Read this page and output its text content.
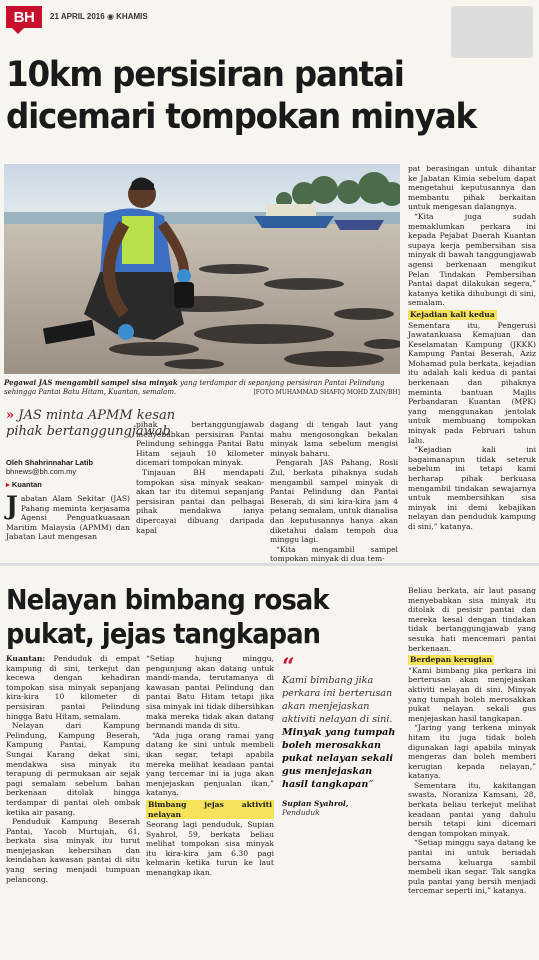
BH	21 APRIL 2016 ◉ KHAMIS
10km persisiran pantai
dicemari tompokan minyak
Pegawai JAS mengambil sampel sisa minyak yang terdampar di sepanjang persisiran Pantai Pelindung sehingga Pantai Batu Hitam, Kuantan, semalam.	[FOTO MUHAMMAD SHAFIQ MOHD ZAIN/BH]
» JAS minta APMM kesan pihak bertanggungjawab
Oleh Shahrinnahar Latib
bhnews@bh.com.my
▸ Kuantan

Jabatan Alam Sekitar (JAS) Pahang meminta kerjasama Agensi Penguatkuasaan Maritim Malaysia (APMM) dan Jabatan Laut mengesan

pihak bertanggungjawab menyebabkan persisiran Pantai Pelindung sehingga Pantai Batu Hitam sejauh 10 kilometer dicemari tompokan minyak.

Tinjauan BH mendapati tompokan sisa minyak seakan-akan tar itu ditemui sepanjang persisiran pantai dan pelbagai pihak mendakwa ianya dipercayai dibuang daripada kapal

dagang di tengah laut yang mahu mengosongkan bekalan minyak lama sebelum mengisi minyak baharu.

Pengarah JAS Pahang, Rosli Zul, berkata pihaknya sudah mengambil sampel minyak di Pantai Pelindung dan Pantai Beserah, di sini kira-kira jam 4 petang semalam, untuk dianalisa dan keputusannya hanya akan diketahui dalam tempoh dua minggu lagi.

“Kita mengambil sampel tompokan minyak di dua tem-

pat berasingan untuk dihantar ke Jabatan Kimia sebelum dapat mengetahui keputusannya dan membantu pihak berkaitan untuk mengesan dalangnya.

“Kita juga sudah memaklumkan perkara ini kepada Pejabat Daerah Kuantan supaya kerja pembersihan sisa minyak di bawah tanggungjawab agensi berkenaan mengikut Pelan Tindakan Pembersihan Pantai dapat dilakukan segera,” katanya ketika dihubungi di sini, semalam.

Kejadian kali kedua

Sementara itu, Pengerusi Jawatankuasa Kemajuan dan Keselamatan Kampung (JKKK) Kampung Pantai Beserah, Aziz Mohamad pula berkata, kejadian itu adalah kali kedua di pantai berkenaan dan pihaknya meminta bantuan Majlis Perbandaran Kuantan (MPK) yang menggunakan jentolak untuk membuang tompokan minyak pada Februari tahun lalu.

“Kejadian kali ini bagaimanapun tidak seteruk sebelum ini tetapi kami berharap pihak berkuasa mengambil tindakan sewajarnya untuk membersihkan sisa minyak ini demi kebajikan nelayan dan penduduk kampung di sini,” katanya.

Nelayan bimbang rosak
pukat, jejas tangkapan

Kuantan: Penduduk di empat kampung di sini, terkejut dan kecewa dengan kehadiran tompokan sisa minyak sepanjang kira-kira 10 kilometer di persisiran pantai Pelindung hingga Batu Hitam, semalam.

Nelayan dari Kampung Pelindung, Kampung Beserah, Kampung Pantai, Kampung Sungai Karang dekat sini, mendakwa sisa minyak itu terapung di permukaan air sejak pagi semalam sebelum bahan berkenaan ditolak hingga terdampar di pantai oleh ombak ketika air pasang.

Penduduk Kampung Beserah Pantai, Yacob Murtujah, 61, berkata sisa minyak itu turut menjejaskan kebersihan dan keindahan kawasan pantai di situ yang sering menjadi tumpuan pelancong.

“Setiap hujung minggu, pengunjung akan datang untuk mandi-manda, terutamanya di kawasan pantai Pelindung dan pantai Batu Hitam tetapi jika sisa minyak ini tidak dibersihkan maka mereka tidak akan datang bermandi manda di situ.

“Ada juga orang ramai yang datang ke sini untuk membeli ikan segar, tetapi apabila mereka melihat keadaan pantai yang tercemar ini ia juga akan menjejaskan penjualan ikan,” katanya.

Bimbang jejas aktiviti nelayan

Seorang lagi penduduk, Supian Syahrol, 59, berkata beliau melihat tompokan sisa minyak itu kira-kira jam 6.30 pagi kelmarin ketika turun ke laut menangkap ikan.

“
Kami bimbang jika perkara ini berterusan akan menjejaskan aktiviti nelayan di sini. Minyak yang tumpah boleh merosakkan pukat nelayan sekali gus menjejaskan hasil tangkapan”
Supian Syahrol,
Penduduk

Beliau berkata, air laut pasang menyebabkan sisa minyak itu ditolak di pesisir pantai dan mereka kesal dengan tindakan tidak bertanggungjawab yang sesuka hati mencemari pantai berkenaan.

Berdepan kerugian

“Kami bimbang jika perkara ini berterusan akan menjejaskan aktiviti nelayan di sini. Minyak yang tumpah boleh merosakkan pukat nelayan sekali gus menjejaskan hasil tangkapan.

“Jaring yang terkena minyak hitam itu juga tidak boleh digunakan lagi apabila minyak mengeras dan boleh memberi kerugian kepada nelayan,” katanya.

Sementara itu, kakitangan swasta, Noraniza Kamsani, 28, berkata beliau terkejut melihat keadaan pantai yang dahulu bersih tetapi kini dicemari dengan tompokan minyak.

“Setiap minggu saya datang ke pantai ini untuk beriadah bersama keluarga sambil membeli ikan segar. Tak sangka pula pantai yang bersih menjadi tercemar seperti ini,” katanya.
